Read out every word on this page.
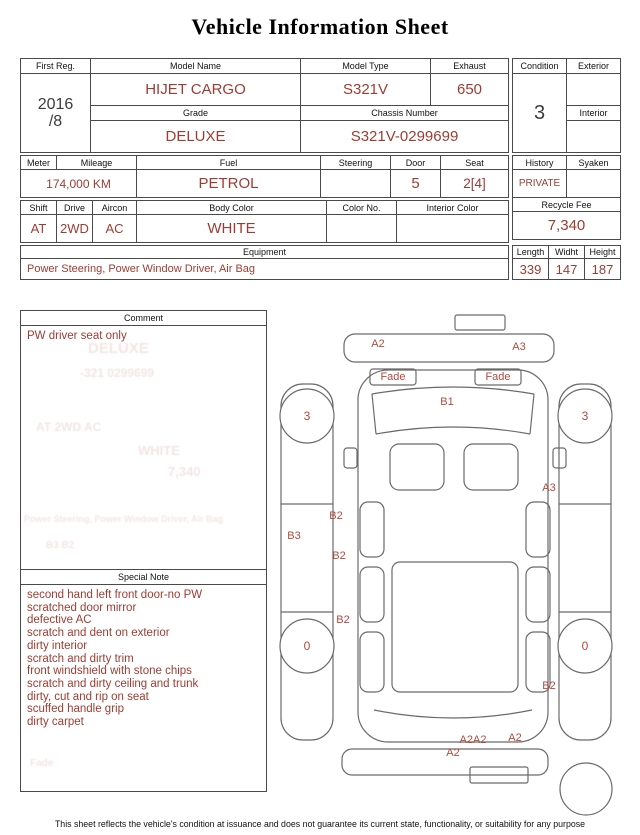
Vehicle Information Sheet
DELUXE
-321 0299699
AT 2WD AC
WHITE
7,340
Power Steering, Power Window Driver, Air Bag
B3 B2
Fade
First Reg.	Model Name	Model Type	Exhaust

2016
/8	HIJET CARGO	S321V	650
	Grade	Chassis Number	
	DELUXE	S321V-0299699	
Condition	Exterior
3	
	Interior

Meter	Mileage	Fuel	Steering	Door	Seat
174,000 KM		PETROL		5	2[4]
Shift	Drive	Aircon	Body Color	Color No.	Interior Color
AT	2WD	AC	WHITE		
Equipment
Power Steering, Power Window Driver, Air Bag
History	Syaken
PRIVATE	
Recycle Fee	
7,340	
Length	Widht	Height
339	147	187
Comment
PW driver seat only
Special Note
second hand left front door-no PW
scratched door mirror
defective AC
scratch and dent on exterior
dirty interior
scratch and dirty trim
front windshield with stone chips
scratch and dirty ceiling and trunk
dirty, cut and rip on seat
scuffed handle grip
dirty carpet
A2	A3
Fade	Fade
B1
3	3
A3
B2
B3
B2
B2
0	0
B2
A2A2
A2
A2
This sheet reflects the vehicle's condition at issuance and does not guarantee its current state, functionality, or suitability for any purpose
